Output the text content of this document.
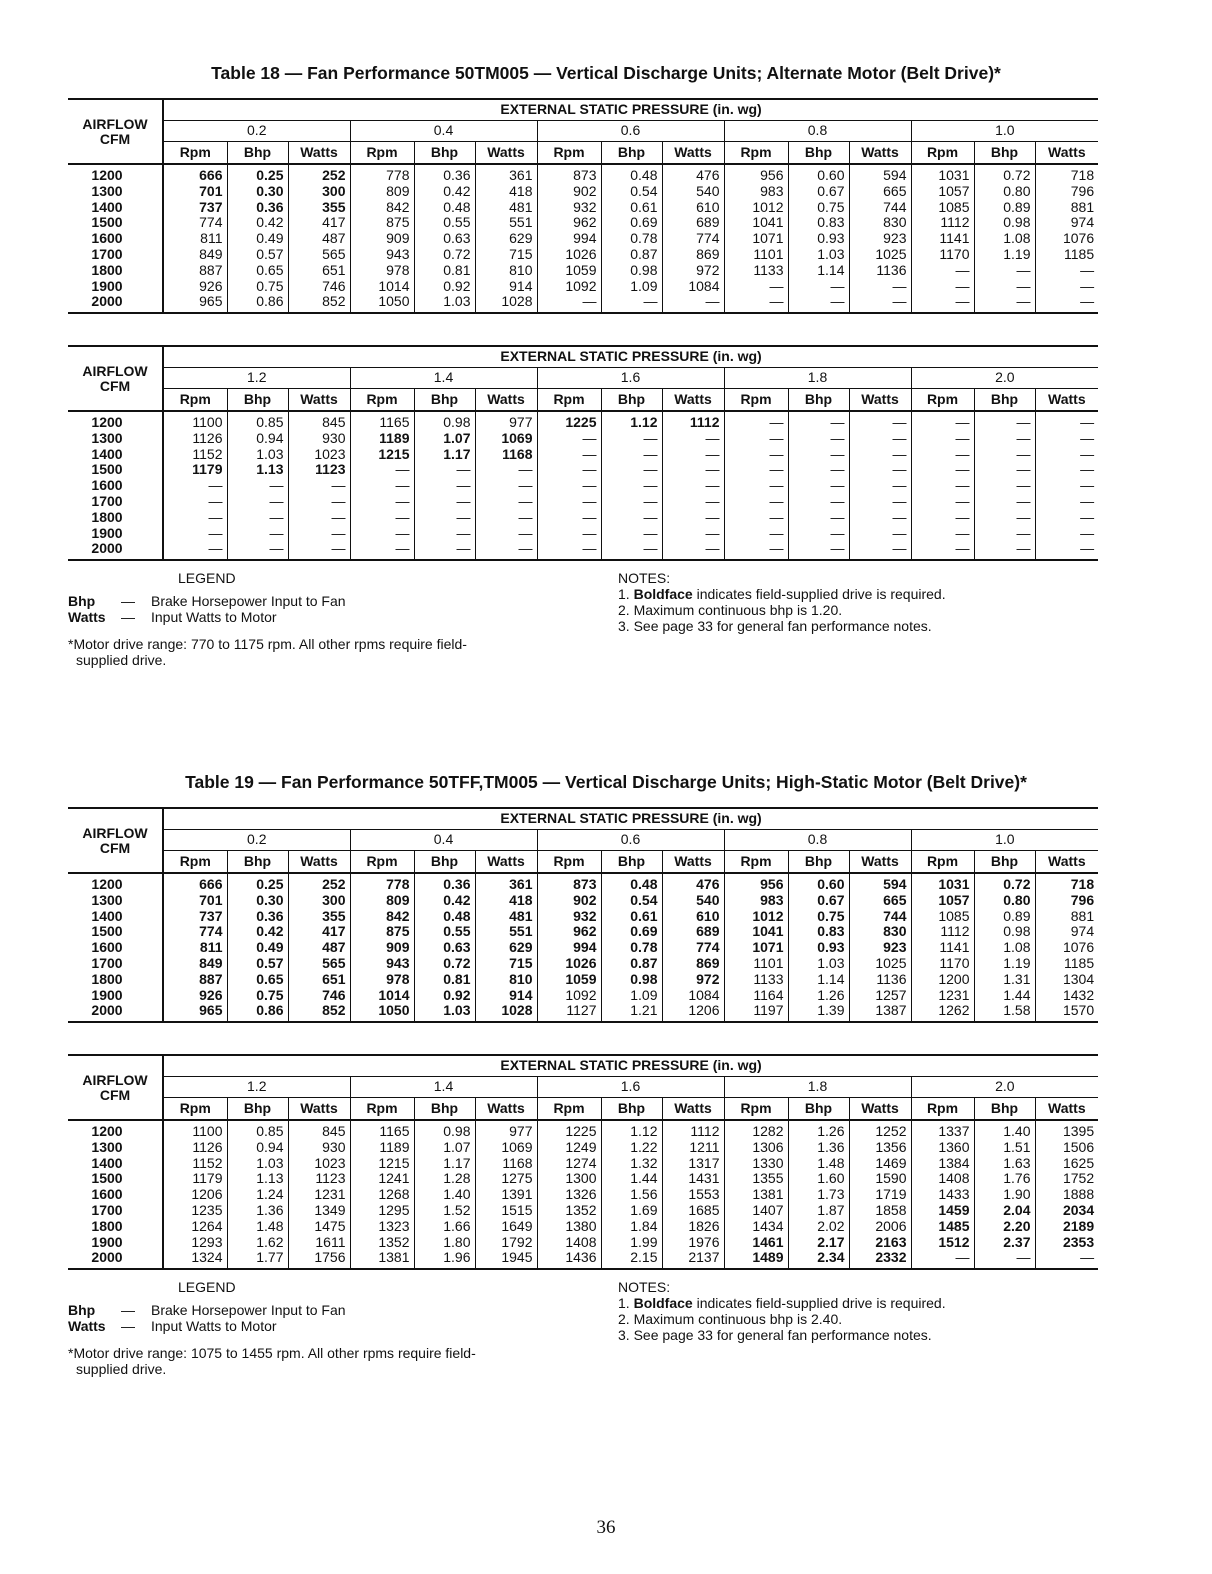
Table 18 — Fan Performance 50TM005 — Vertical Discharge Units; Alternate Motor (Belt Drive)*
AIRFLOW
CFM	EXTERNAL STATIC PRESSURE (in. wg)														
	0.2			0.4			0.6			0.8			1.0		
	Rpm	Bhp	Watts	Rpm	Bhp	Watts	Rpm	Bhp	Watts	Rpm	Bhp	Watts	Rpm	Bhp	Watts
1200	666	0.25	252	778	0.36	361	873	0.48	476	956	0.60	594	1031	0.72	718
1300	701	0.30	300	809	0.42	418	902	0.54	540	983	0.67	665	1057	0.80	796
1400	737	0.36	355	842	0.48	481	932	0.61	610	1012	0.75	744	1085	0.89	881
1500	774	0.42	417	875	0.55	551	962	0.69	689	1041	0.83	830	1112	0.98	974
1600	811	0.49	487	909	0.63	629	994	0.78	774	1071	0.93	923	1141	1.08	1076
1700	849	0.57	565	943	0.72	715	1026	0.87	869	1101	1.03	1025	1170	1.19	1185
1800	887	0.65	651	978	0.81	810	1059	0.98	972	1133	1.14	1136	—	—	—
1900	926	0.75	746	1014	0.92	914	1092	1.09	1084	—	—	—	—	—	—
2000	965	0.86	852	1050	1.03	1028	—	—	—	—	—	—	—	—	—
AIRFLOW
CFM	EXTERNAL STATIC PRESSURE (in. wg)														
	1.2			1.4			1.6			1.8			2.0		
	Rpm	Bhp	Watts	Rpm	Bhp	Watts	Rpm	Bhp	Watts	Rpm	Bhp	Watts	Rpm	Bhp	Watts
1200	1100	0.85	845	1165	0.98	977	1225	1.12	1112	—	—	—	—	—	—
1300	1126	0.94	930	1189	1.07	1069	—	—	—	—	—	—	—	—	—
1400	1152	1.03	1023	1215	1.17	1168	—	—	—	—	—	—	—	—	—
1500	1179	1.13	1123	—	—	—	—	—	—	—	—	—	—	—	—
1600	—	—	—	—	—	—	—	—	—	—	—	—	—	—	—
1700	—	—	—	—	—	—	—	—	—	—	—	—	—	—	—
1800	—	—	—	—	—	—	—	—	—	—	—	—	—	—	—
1900	—	—	—	—	—	—	—	—	—	—	—	—	—	—	—
2000	—	—	—	—	—	—	—	—	—	—	—	—	—	—	—
LEGEND
Bhp — Brake Horsepower Input to Fan
Watts — Input Watts to Motor
*Motor drive range: 770 to 1175 rpm. All other rpms require field-
supplied drive.
NOTES:
1. Boldface indicates field-supplied drive is required.
2. Maximum continuous bhp is 1.20.
3. See page 33 for general fan performance notes.
Table 19 — Fan Performance 50TFF,TM005 — Vertical Discharge Units; High-Static Motor (Belt Drive)*
AIRFLOW
CFM	EXTERNAL STATIC PRESSURE (in. wg)														
	0.2			0.4			0.6			0.8			1.0		
	Rpm	Bhp	Watts	Rpm	Bhp	Watts	Rpm	Bhp	Watts	Rpm	Bhp	Watts	Rpm	Bhp	Watts
1200	666	0.25	252	778	0.36	361	873	0.48	476	956	0.60	594	1031	0.72	718
1300	701	0.30	300	809	0.42	418	902	0.54	540	983	0.67	665	1057	0.80	796
1400	737	0.36	355	842	0.48	481	932	0.61	610	1012	0.75	744	1085	0.89	881
1500	774	0.42	417	875	0.55	551	962	0.69	689	1041	0.83	830	1112	0.98	974
1600	811	0.49	487	909	0.63	629	994	0.78	774	1071	0.93	923	1141	1.08	1076
1700	849	0.57	565	943	0.72	715	1026	0.87	869	1101	1.03	1025	1170	1.19	1185
1800	887	0.65	651	978	0.81	810	1059	0.98	972	1133	1.14	1136	1200	1.31	1304
1900	926	0.75	746	1014	0.92	914	1092	1.09	1084	1164	1.26	1257	1231	1.44	1432
2000	965	0.86	852	1050	1.03	1028	1127	1.21	1206	1197	1.39	1387	1262	1.58	1570
AIRFLOW
CFM	EXTERNAL STATIC PRESSURE (in. wg)														
	1.2			1.4			1.6			1.8			2.0		
	Rpm	Bhp	Watts	Rpm	Bhp	Watts	Rpm	Bhp	Watts	Rpm	Bhp	Watts	Rpm	Bhp	Watts
1200	1100	0.85	845	1165	0.98	977	1225	1.12	1112	1282	1.26	1252	1337	1.40	1395
1300	1126	0.94	930	1189	1.07	1069	1249	1.22	1211	1306	1.36	1356	1360	1.51	1506
1400	1152	1.03	1023	1215	1.17	1168	1274	1.32	1317	1330	1.48	1469	1384	1.63	1625
1500	1179	1.13	1123	1241	1.28	1275	1300	1.44	1431	1355	1.60	1590	1408	1.76	1752
1600	1206	1.24	1231	1268	1.40	1391	1326	1.56	1553	1381	1.73	1719	1433	1.90	1888
1700	1235	1.36	1349	1295	1.52	1515	1352	1.69	1685	1407	1.87	1858	1459	2.04	2034
1800	1264	1.48	1475	1323	1.66	1649	1380	1.84	1826	1434	2.02	2006	1485	2.20	2189
1900	1293	1.62	1611	1352	1.80	1792	1408	1.99	1976	1461	2.17	2163	1512	2.37	2353
2000	1324	1.77	1756	1381	1.96	1945	1436	2.15	2137	1489	2.34	2332	—	—	—
LEGEND
Bhp — Brake Horsepower Input to Fan
Watts — Input Watts to Motor
*Motor drive range: 1075 to 1455 rpm. All other rpms require field-
supplied drive.
NOTES:
1. Boldface indicates field-supplied drive is required.
2. Maximum continuous bhp is 2.40.
3. See page 33 for general fan performance notes.
36
